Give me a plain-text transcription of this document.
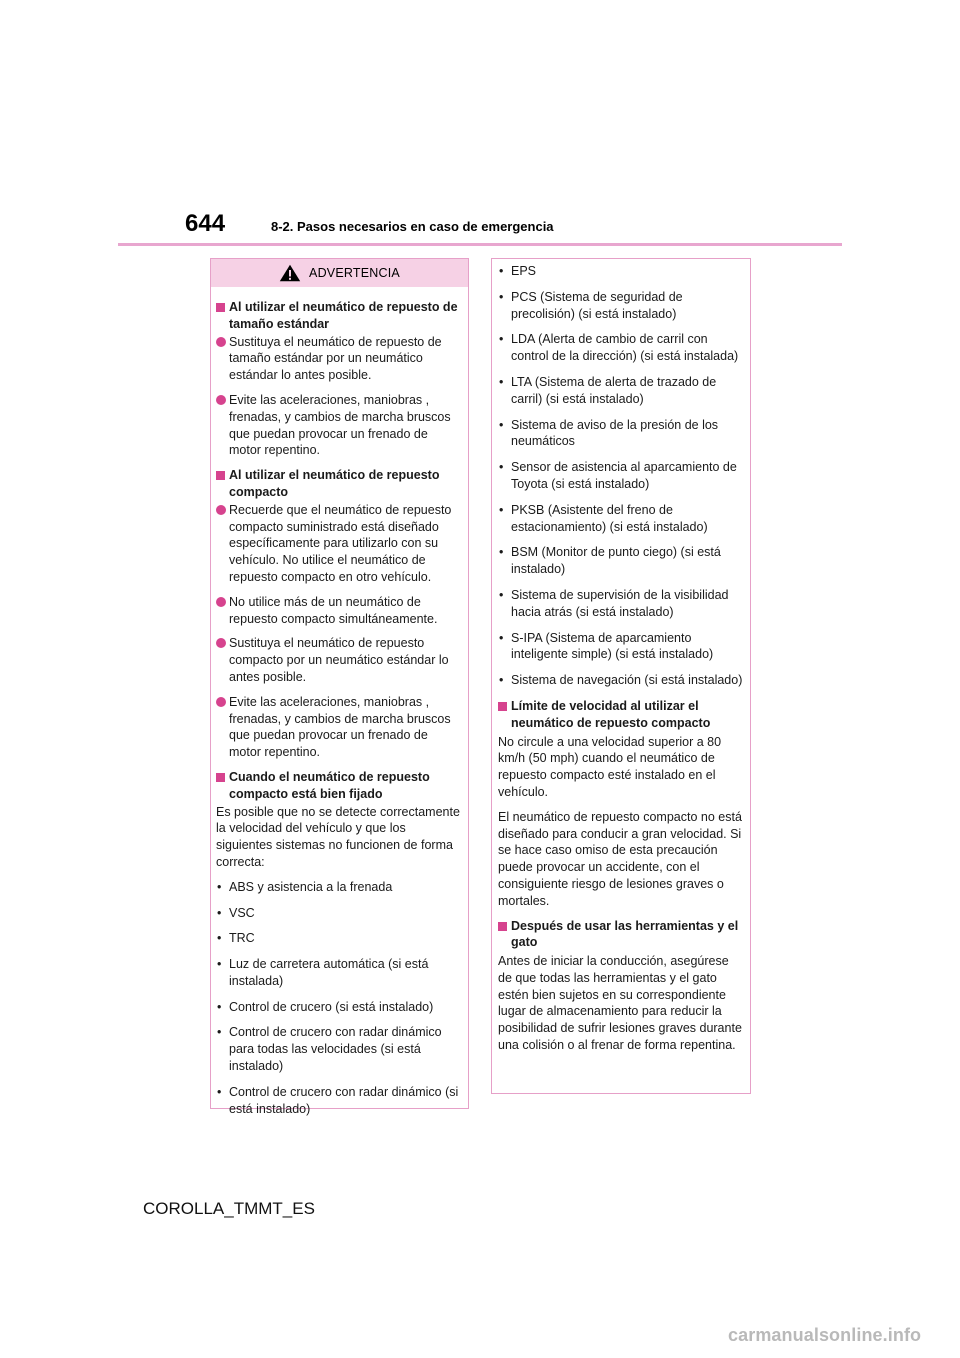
644	8-2. Pasos necesarios en caso de emergencia
ADVERTENCIA
Al utilizar el neumático de repuesto de tamaño estándar
Sustituya el neumático de repuesto de tamaño estándar por un neumático estándar lo antes posible.
Evite las aceleraciones, maniobras , frenadas, y cambios de marcha bruscos que puedan provocar un frenado de motor repentino.
Al utilizar el neumático de repuesto compacto
Recuerde que el neumático de repuesto compacto suministrado está diseñado específicamente para utilizarlo con su vehículo. No utilice el neumático de repuesto compacto en otro vehículo.
No utilice más de un neumático de repuesto compacto simultáneamente.
Sustituya el neumático de repuesto compacto por un neumático estándar lo antes posible.
Evite las aceleraciones, maniobras , frenadas, y cambios de marcha bruscos que puedan provocar un frenado de motor repentino.
Cuando el neumático de repuesto compacto está bien fijado
Es posible que no se detecte correctamente la velocidad del vehículo y que los siguientes sistemas no funcionen de forma correcta:
• ABS y asistencia a la frenada
• VSC
• TRC
• Luz de carretera automática (si está instalada)
• Control de crucero (si está instalado)
• Control de crucero con radar dinámico para todas las velocidades (si está instalado)
• Control de crucero con radar dinámico (si está instalado)
• EPS
• PCS (Sistema de seguridad de precolisión) (si está instalado)
• LDA (Alerta de cambio de carril con control de la dirección) (si está instalada)
• LTA (Sistema de alerta de trazado de carril) (si está instalado)
• Sistema de aviso de la presión de los neumáticos
• Sensor de asistencia al aparcamiento de Toyota (si está instalado)
• PKSB (Asistente del freno de estacionamiento) (si está instalado)
• BSM (Monitor de punto ciego) (si está instalado)
• Sistema de supervisión de la visibilidad hacia atrás (si está instalado)
• S-IPA (Sistema de aparcamiento inteligente simple) (si está instalado)
• Sistema de navegación (si está instalado)
Límite de velocidad al utilizar el neumático de repuesto compacto
No circule a una velocidad superior a 80 km/h (50 mph) cuando el neumático de repuesto compacto esté instalado en el vehículo.
El neumático de repuesto compacto no está diseñado para conducir a gran velocidad. Si se hace caso omiso de esta precaución puede provocar un accidente, con el consiguiente riesgo de lesiones graves o mortales.
Después de usar las herramientas y el gato
Antes de iniciar la conducción, asegúrese de que todas las herramientas y el gato estén bien sujetos en su correspondiente lugar de almacenamiento para reducir la posibilidad de sufrir lesiones graves durante una colisión o al frenar de forma repentina.
COROLLA_TMMT_ES
carmanualsonline.info
